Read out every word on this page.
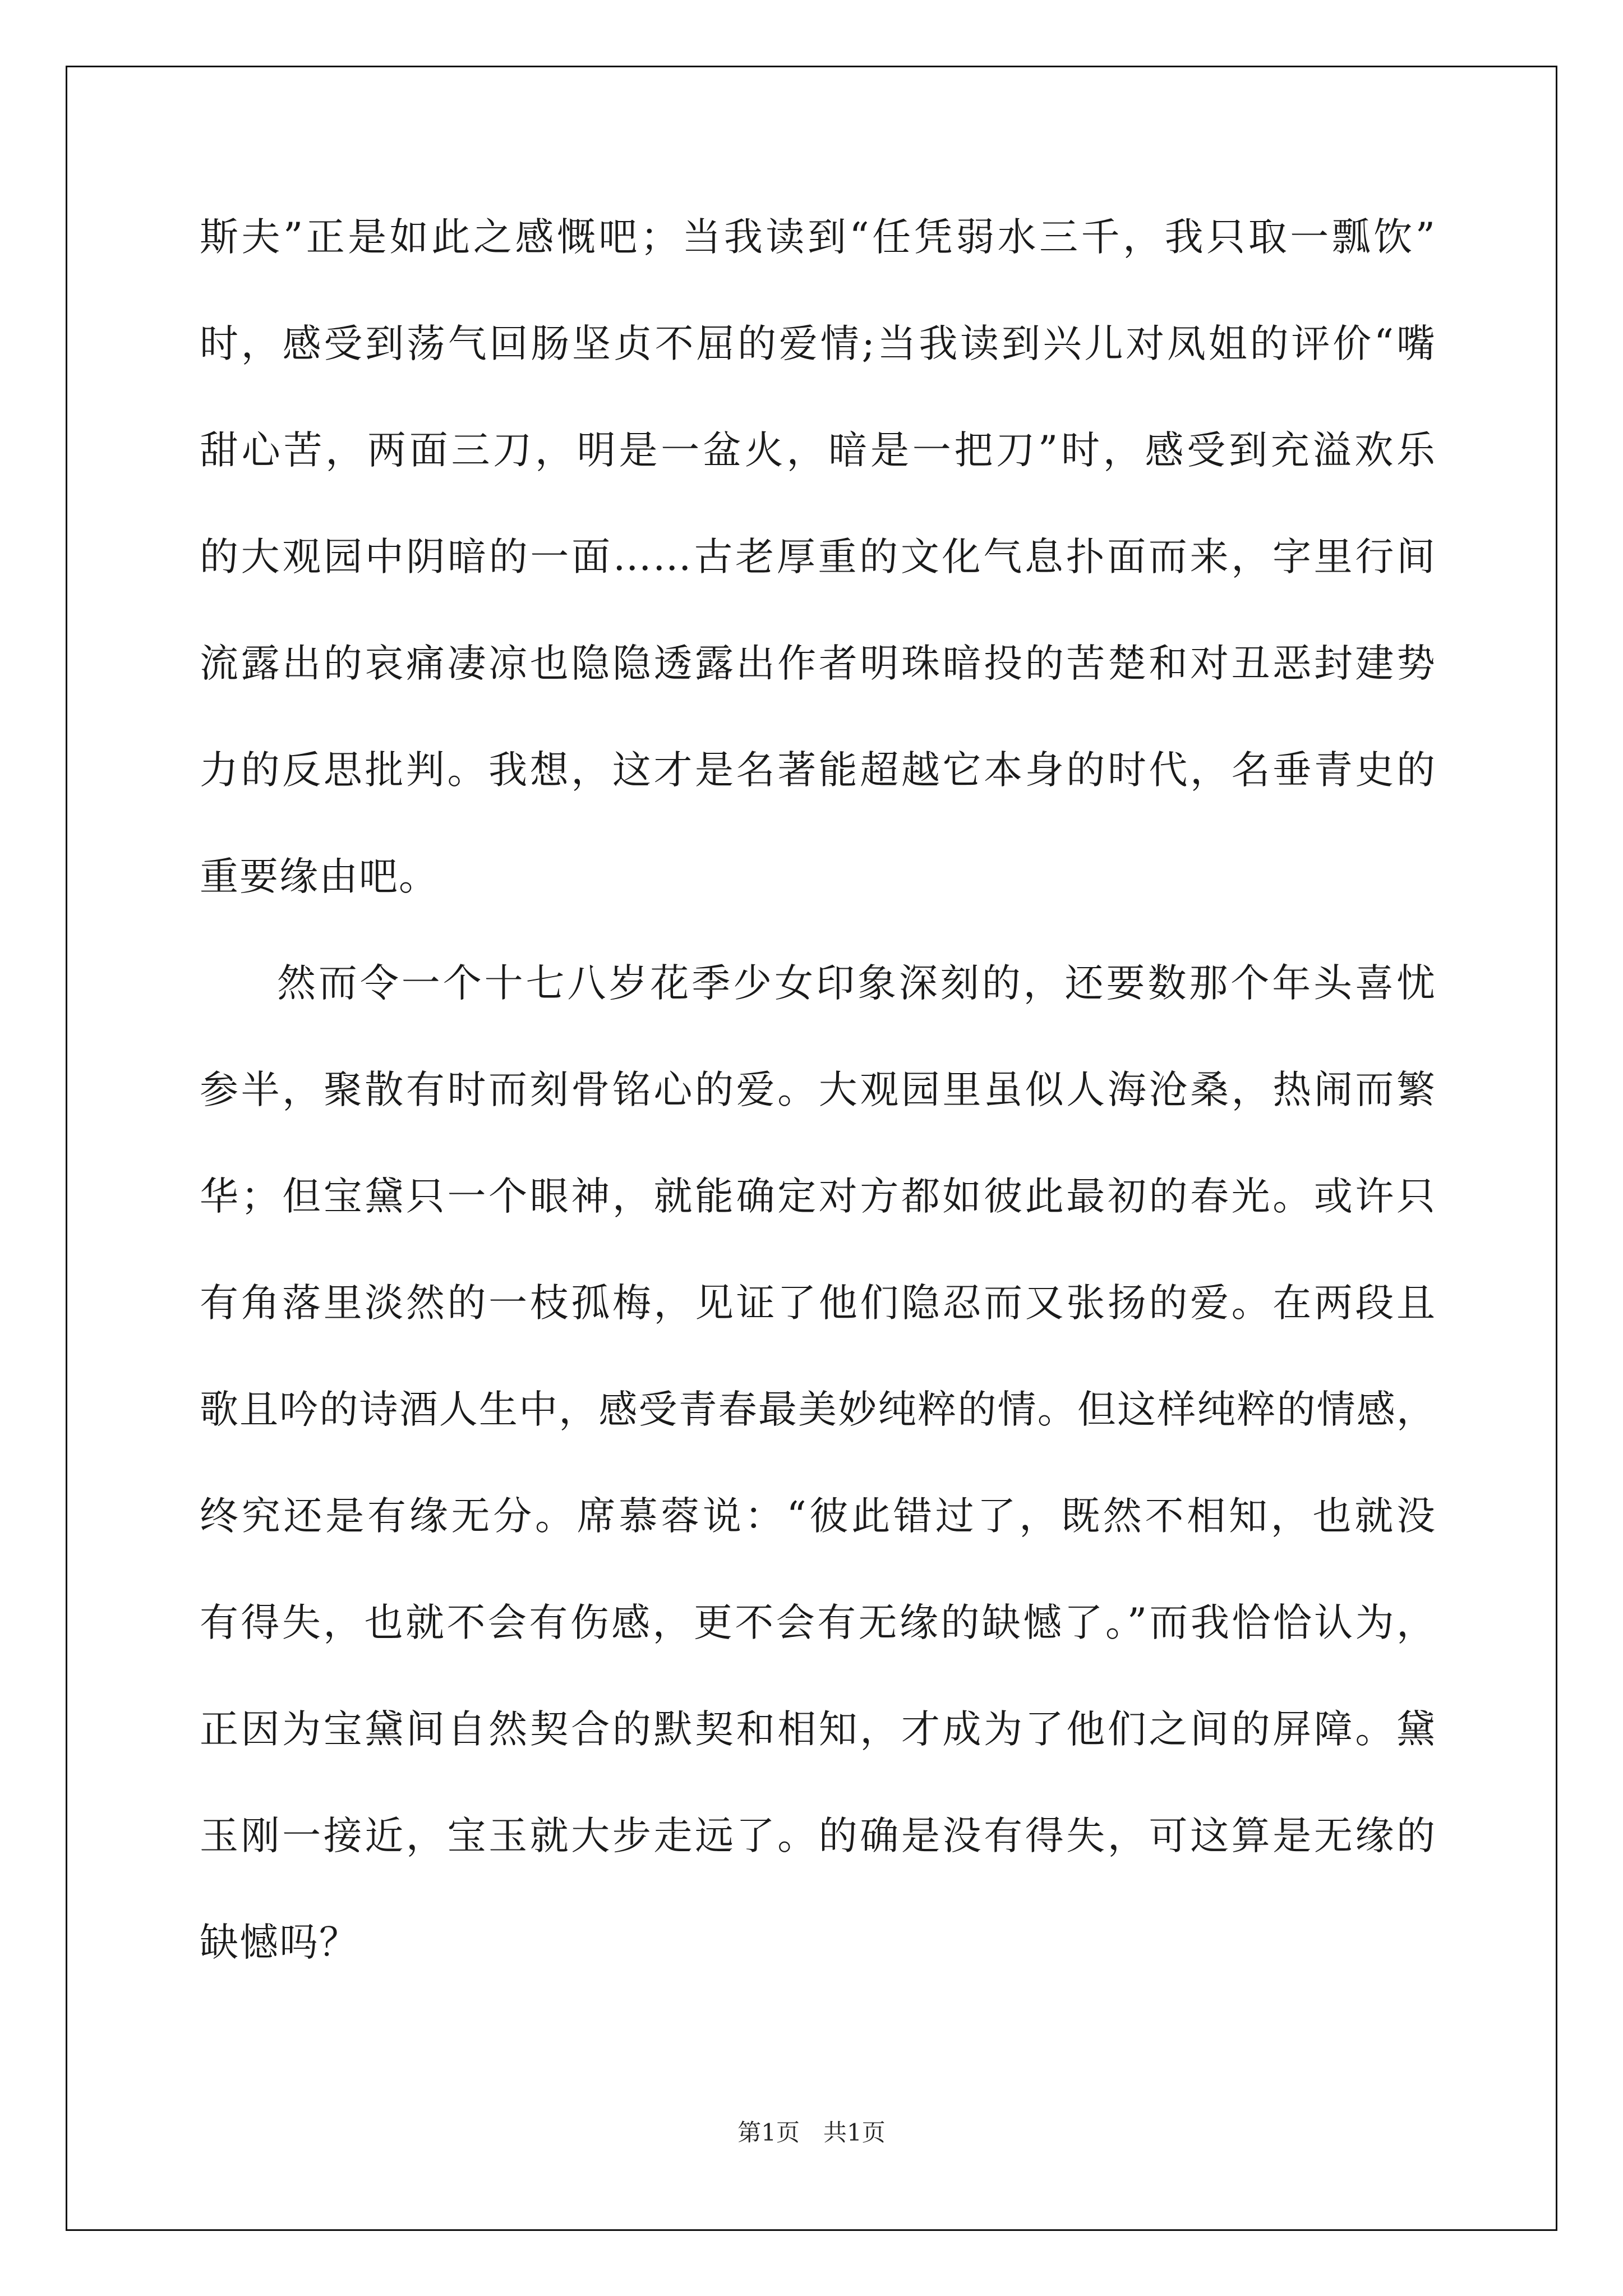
斯夫”正是如此之感慨吧；当我读到“任凭弱水三千，我只取一瓢饮”
时，感受到荡气回肠坚贞不屈的爱情;当我读到兴儿对凤姐的评价“嘴
甜心苦，两面三刀，明是一盆火，暗是一把刀”时，感受到充溢欢乐
的大观园中阴暗的一面……古老厚重的文化气息扑面而来，字里行间
流露出的哀痛凄凉也隐隐透露出作者明珠暗投的苦楚和对丑恶封建势
力的反思批判。我想，这才是名著能超越它本身的时代，名垂青史的
重要缘由吧。
然而令一个十七八岁花季少女印象深刻的，还要数那个年头喜忧
参半，聚散有时而刻骨铭心的爱。大观园里虽似人海沧桑，热闹而繁
华；但宝黛只一个眼神，就能确定对方都如彼此最初的春光。或许只
有角落里淡然的一枝孤梅，见证了他们隐忍而又张扬的爱。在两段且
歌且吟的诗酒人生中，感受青春最美妙纯粹的情。但这样纯粹的情感，
终究还是有缘无分。席慕蓉说：“彼此错过了，既然不相知，也就没
有得失，也就不会有伤感，更不会有无缘的缺憾了。”而我恰恰认为，
正因为宝黛间自然契合的默契和相知，才成为了他们之间的屏障。黛
玉刚一接近，宝玉就大步走远了。的确是没有得失，可这算是无缘的
缺憾吗？
第1页　共1页
